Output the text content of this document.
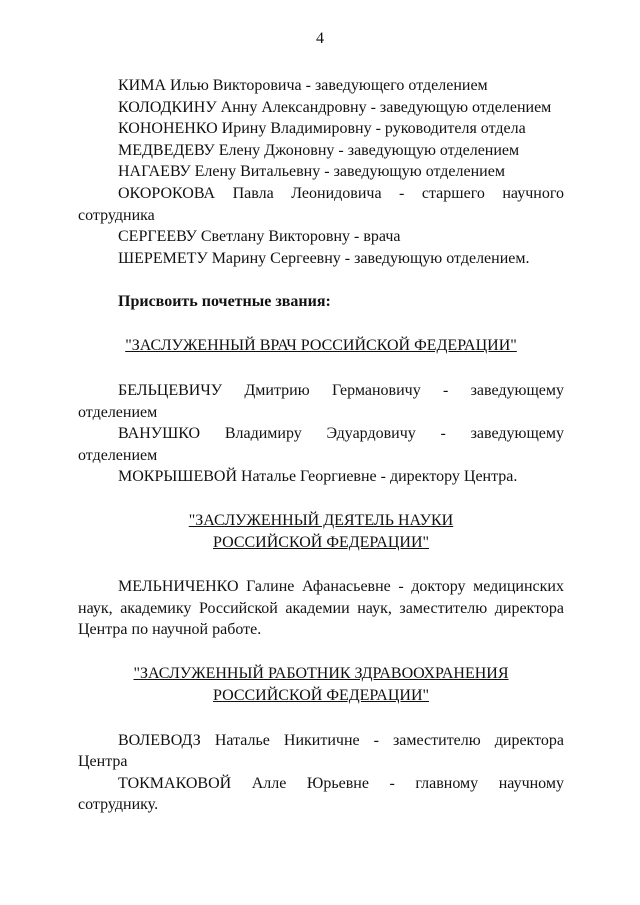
4
КИМА Илью Викторовича - заведующего отделением
КОЛОДКИНУ Анну Александровну - заведующую отделением
КОНОНЕНКО Ирину Владимировну - руководителя отдела
МЕДВЕДЕВУ Елену Джоновну - заведующую отделением
НАГАЕВУ Елену Витальевну - заведующую отделением
ОКОРОКОВА Павла Леонидовича - старшего научного
сотрудника
СЕРГЕЕВУ Светлану Викторовну - врача
ШЕРЕМЕТУ Марину Сергеевну - заведующую отделением.
Присвоить почетные звания:
"ЗАСЛУЖЕННЫЙ ВРАЧ РОССИЙСКОЙ ФЕДЕРАЦИИ"
БЕЛЬЦЕВИЧУ Дмитрию Германовичу - заведующему
отделением
ВАНУШКО Владимиру Эдуардовичу - заведующему
отделением
МОКРЫШЕВОЙ Наталье Георгиевне - директору Центра.
"ЗАСЛУЖЕННЫЙ ДЕЯТЕЛЬ НАУКИ
РОССИЙСКОЙ ФЕДЕРАЦИИ"
МЕЛЬНИЧЕНКО Галине Афанасьевне - доктору медицинских
наук, академику Российской академии наук, заместителю директора
Центра по научной работе.
"ЗАСЛУЖЕННЫЙ РАБОТНИК ЗДРАВООХРАНЕНИЯ
РОССИЙСКОЙ ФЕДЕРАЦИИ"
ВОЛЕВОДЗ Наталье Никитичне - заместителю директора
Центра
ТОКМАКОВОЙ Алле Юрьевне - главному научному
сотруднику.
